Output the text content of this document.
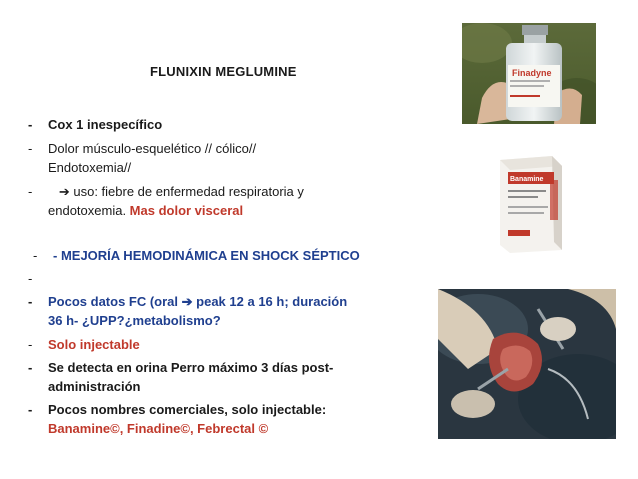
FLUNIXIN MEGLUMINE
- Cox 1 inespecífico
- Dolor músculo-esquelético // cólico//
Endotoxemia//
-	➔ uso: fiebre de enfermedad respiratoria y
endotoxemia. Mas dolor visceral
- - MEJORÍA HEMODINÁMICA EN SHOCK SÉPTICO
-
- Pocos datos FC (oral ➔ peak 12 a 16 h; duración
36 h- ¿UPP?¿metabolismo?
- Solo injectable
- Se detecta en orina Perro máximo 3 días post-
administración
- Pocos nombres comerciales, solo injectable:
Banamine©, Finadine©, Febrectal ©
Finadyne
Banamine
